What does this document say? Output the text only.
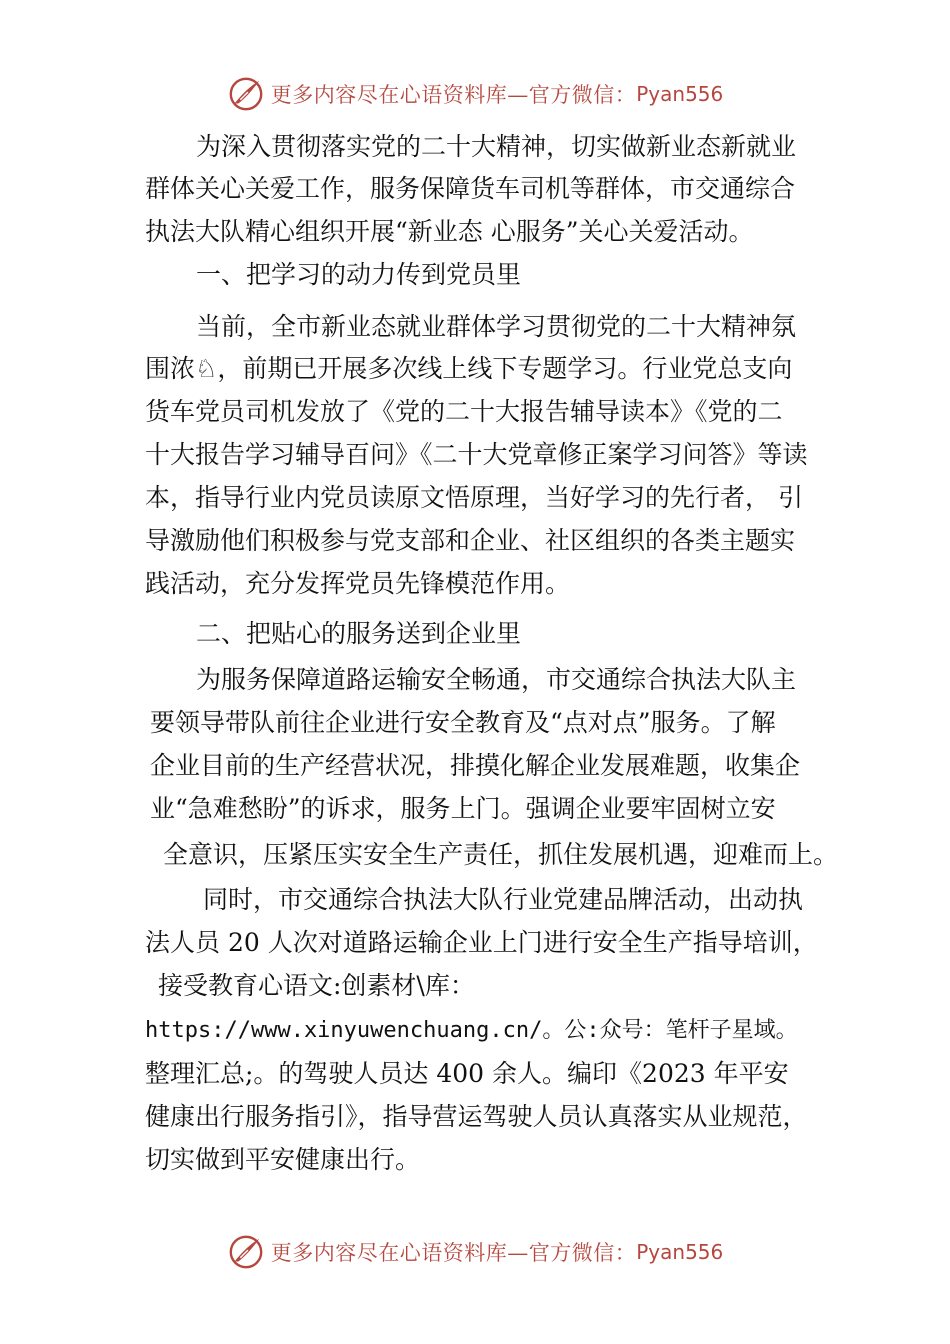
更多内容尽在心语资料库—官方微信： Pyan556
为深入贯彻落实党的二十大精神，切实做新业态新就业
群体关心关爱工作，服务保障货车司机等群体，市交通综合
执法大队精心组织开展“新业态 心服务”关心关爱活动。
一、把学习的动力传到党员里
当前，全市新业态就业群体学习贯彻党的二十大精神氛
围浓♘，前期已开展多次线上线下专题学习。行业党总支向
货车党员司机发放了《党的二十大报告辅导读本》《党的二
十大报告学习辅导百问》《二十大党章修正案学习问答》等读
本，指导行业内党员读原文悟原理，当好学习的先行者， 引
导激励他们积极参与党支部和企业、社区组织的各类主题实
践活动，充分发挥党员先锋模范作用。
二、把贴心的服务送到企业里
为服务保障道路运输安全畅通，市交通综合执法大队主
要领导带队前往企业进行安全教育及“点对点”服务。了解
企业目前的生产经营状况，排摸化解企业发展难题，收集企
业“急难愁盼”的诉求，服务上门。强调企业要牢固树立安
全意识，压紧压实安全生产责任，抓住发展机遇，迎难而上。
同时，市交通综合执法大队行业党建品牌活动，出动执
法人员 20 人次对道路运输企业上门进行安全生产指导培训，
接受教育心语文:创素材\库：
https://www.xinyuwenchuang.cn/。公:众号：笔杆子星域。
整理汇总;。的驾驶人员达 400 余人。编印《2023 年平安
健康出行服务指引》，指导营运驾驶人员认真落实从业规范，
切实做到平安健康出行。
更多内容尽在心语资料库—官方微信： Pyan556
